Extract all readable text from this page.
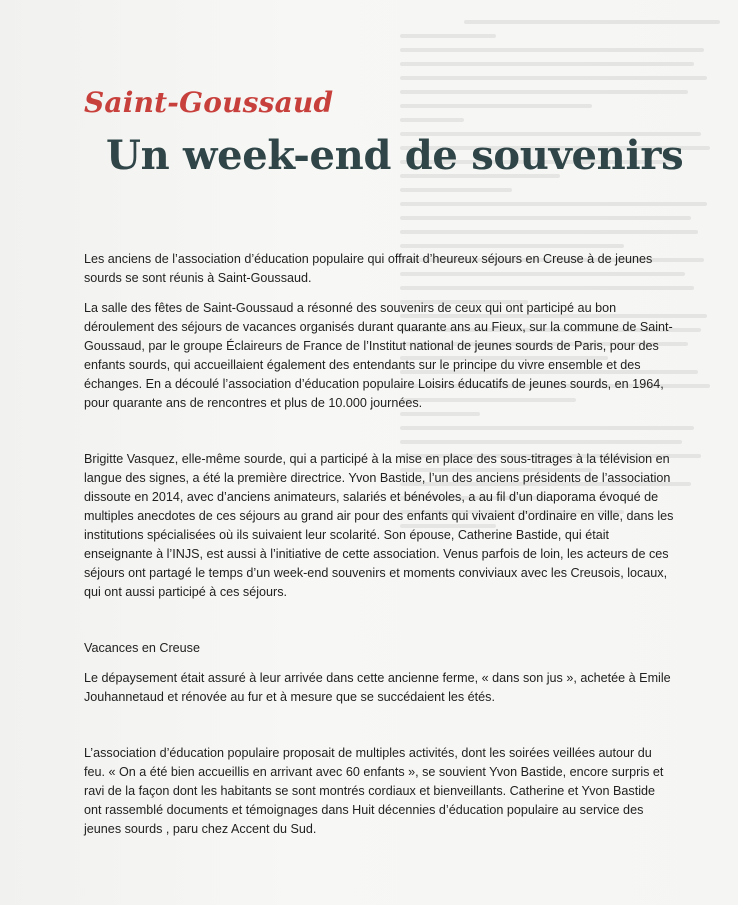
Saint-Goussaud
Un week-end de souvenirs

Les anciens de l’association d’éducation populaire qui offrait d’heureux séjours en Creuse à de jeunes sourds se sont réunis à Saint-Goussaud.

La salle des fêtes de Saint-Goussaud a résonné des souvenirs de ceux qui ont participé au bon déroulement des séjours de vacances organisés durant quarante ans au Fieux, sur la commune de Saint-Goussaud, par le groupe Éclaireurs de France de l’Institut national de jeunes sourds de Paris, pour des enfants sourds, qui accueillaient également des entendants sur le principe du vivre ensemble et des échanges. En a découlé l’association d’éducation populaire Loisirs éducatifs de jeunes sourds, en 1964, pour quarante ans de rencontres et plus de 10.000 journées.

Brigitte Vasquez, elle-même sourde, qui a participé à la mise en place des sous-titrages à la télévision en langue des signes, a été la première directrice. Yvon Bastide, l’un des anciens présidents de l’association dissoute en 2014, avec d’anciens animateurs, salariés et bénévoles, a au fil d’un diaporama évoqué de multiples anecdotes de ces séjours au grand air pour des enfants qui vivaient d’ordinaire en ville, dans les institutions spécialisées où ils suivaient leur scolarité. Son épouse, Catherine Bastide, qui était enseignante à l’INJS, est aussi à l’initiative de cette association. Venus parfois de loin, les acteurs de ces séjours ont partagé le temps d’un week-end souvenirs et moments conviviaux avec les Creusois, locaux, qui ont aussi participé à ces séjours.

Vacances en Creuse

Le dépaysement était assuré à leur arrivée dans cette ancienne ferme, « dans son jus », achetée à Emile Jouhannetaud et rénovée au fur et à mesure que se succédaient les étés.

L’association d’éducation populaire proposait de multiples activités, dont les soirées veillées autour du feu. « On a été bien accueillis en arrivant avec 60 enfants », se souvient Yvon Bastide, encore surpris et ravi de la façon dont les habitants se sont montrés cordiaux et bienveillants. Catherine et Yvon Bastide ont rassemblé documents et témoignages dans Huit décennies d’éducation populaire au service des jeunes sourds , paru chez Accent du Sud.
